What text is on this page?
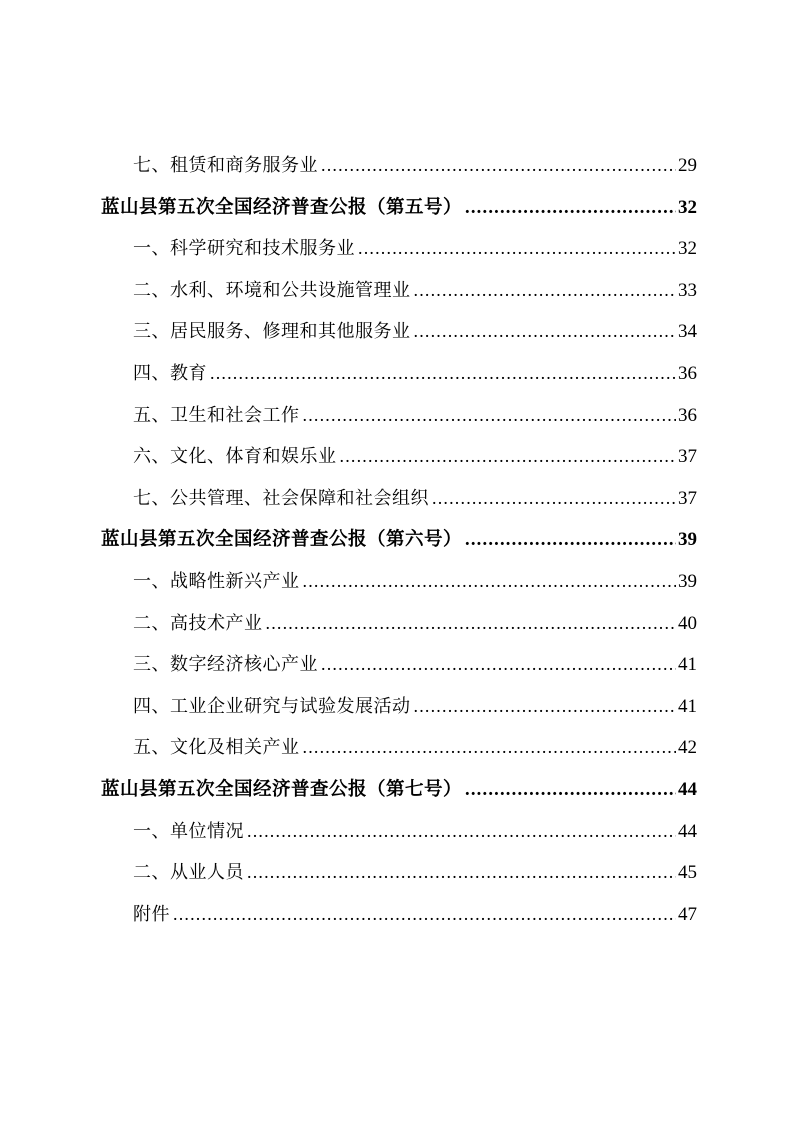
七、租赁和商务服务业 .....	29
蓝山县第五次全国经济普查公报（第五号） .....	32
一、科学研究和技术服务业 .....	32
二、水利、环境和公共设施管理业 .....	33
三、居民服务、修理和其他服务业 .....	34
四、教育 .....	36
五、卫生和社会工作 .....	36
六、文化、体育和娱乐业 .....	37
七、公共管理、社会保障和社会组织 .....	37
蓝山县第五次全国经济普查公报（第六号） .....	39
一、战略性新兴产业 .....	39
二、高技术产业 .....	40
三、数字经济核心产业 .....	41
四、工业企业研究与试验发展活动 .....	41
五、文化及相关产业 .....	42
蓝山县第五次全国经济普查公报（第七号） .....	44
一、单位情况 .....	44
二、从业人员 .....	45
附件 .....	47
